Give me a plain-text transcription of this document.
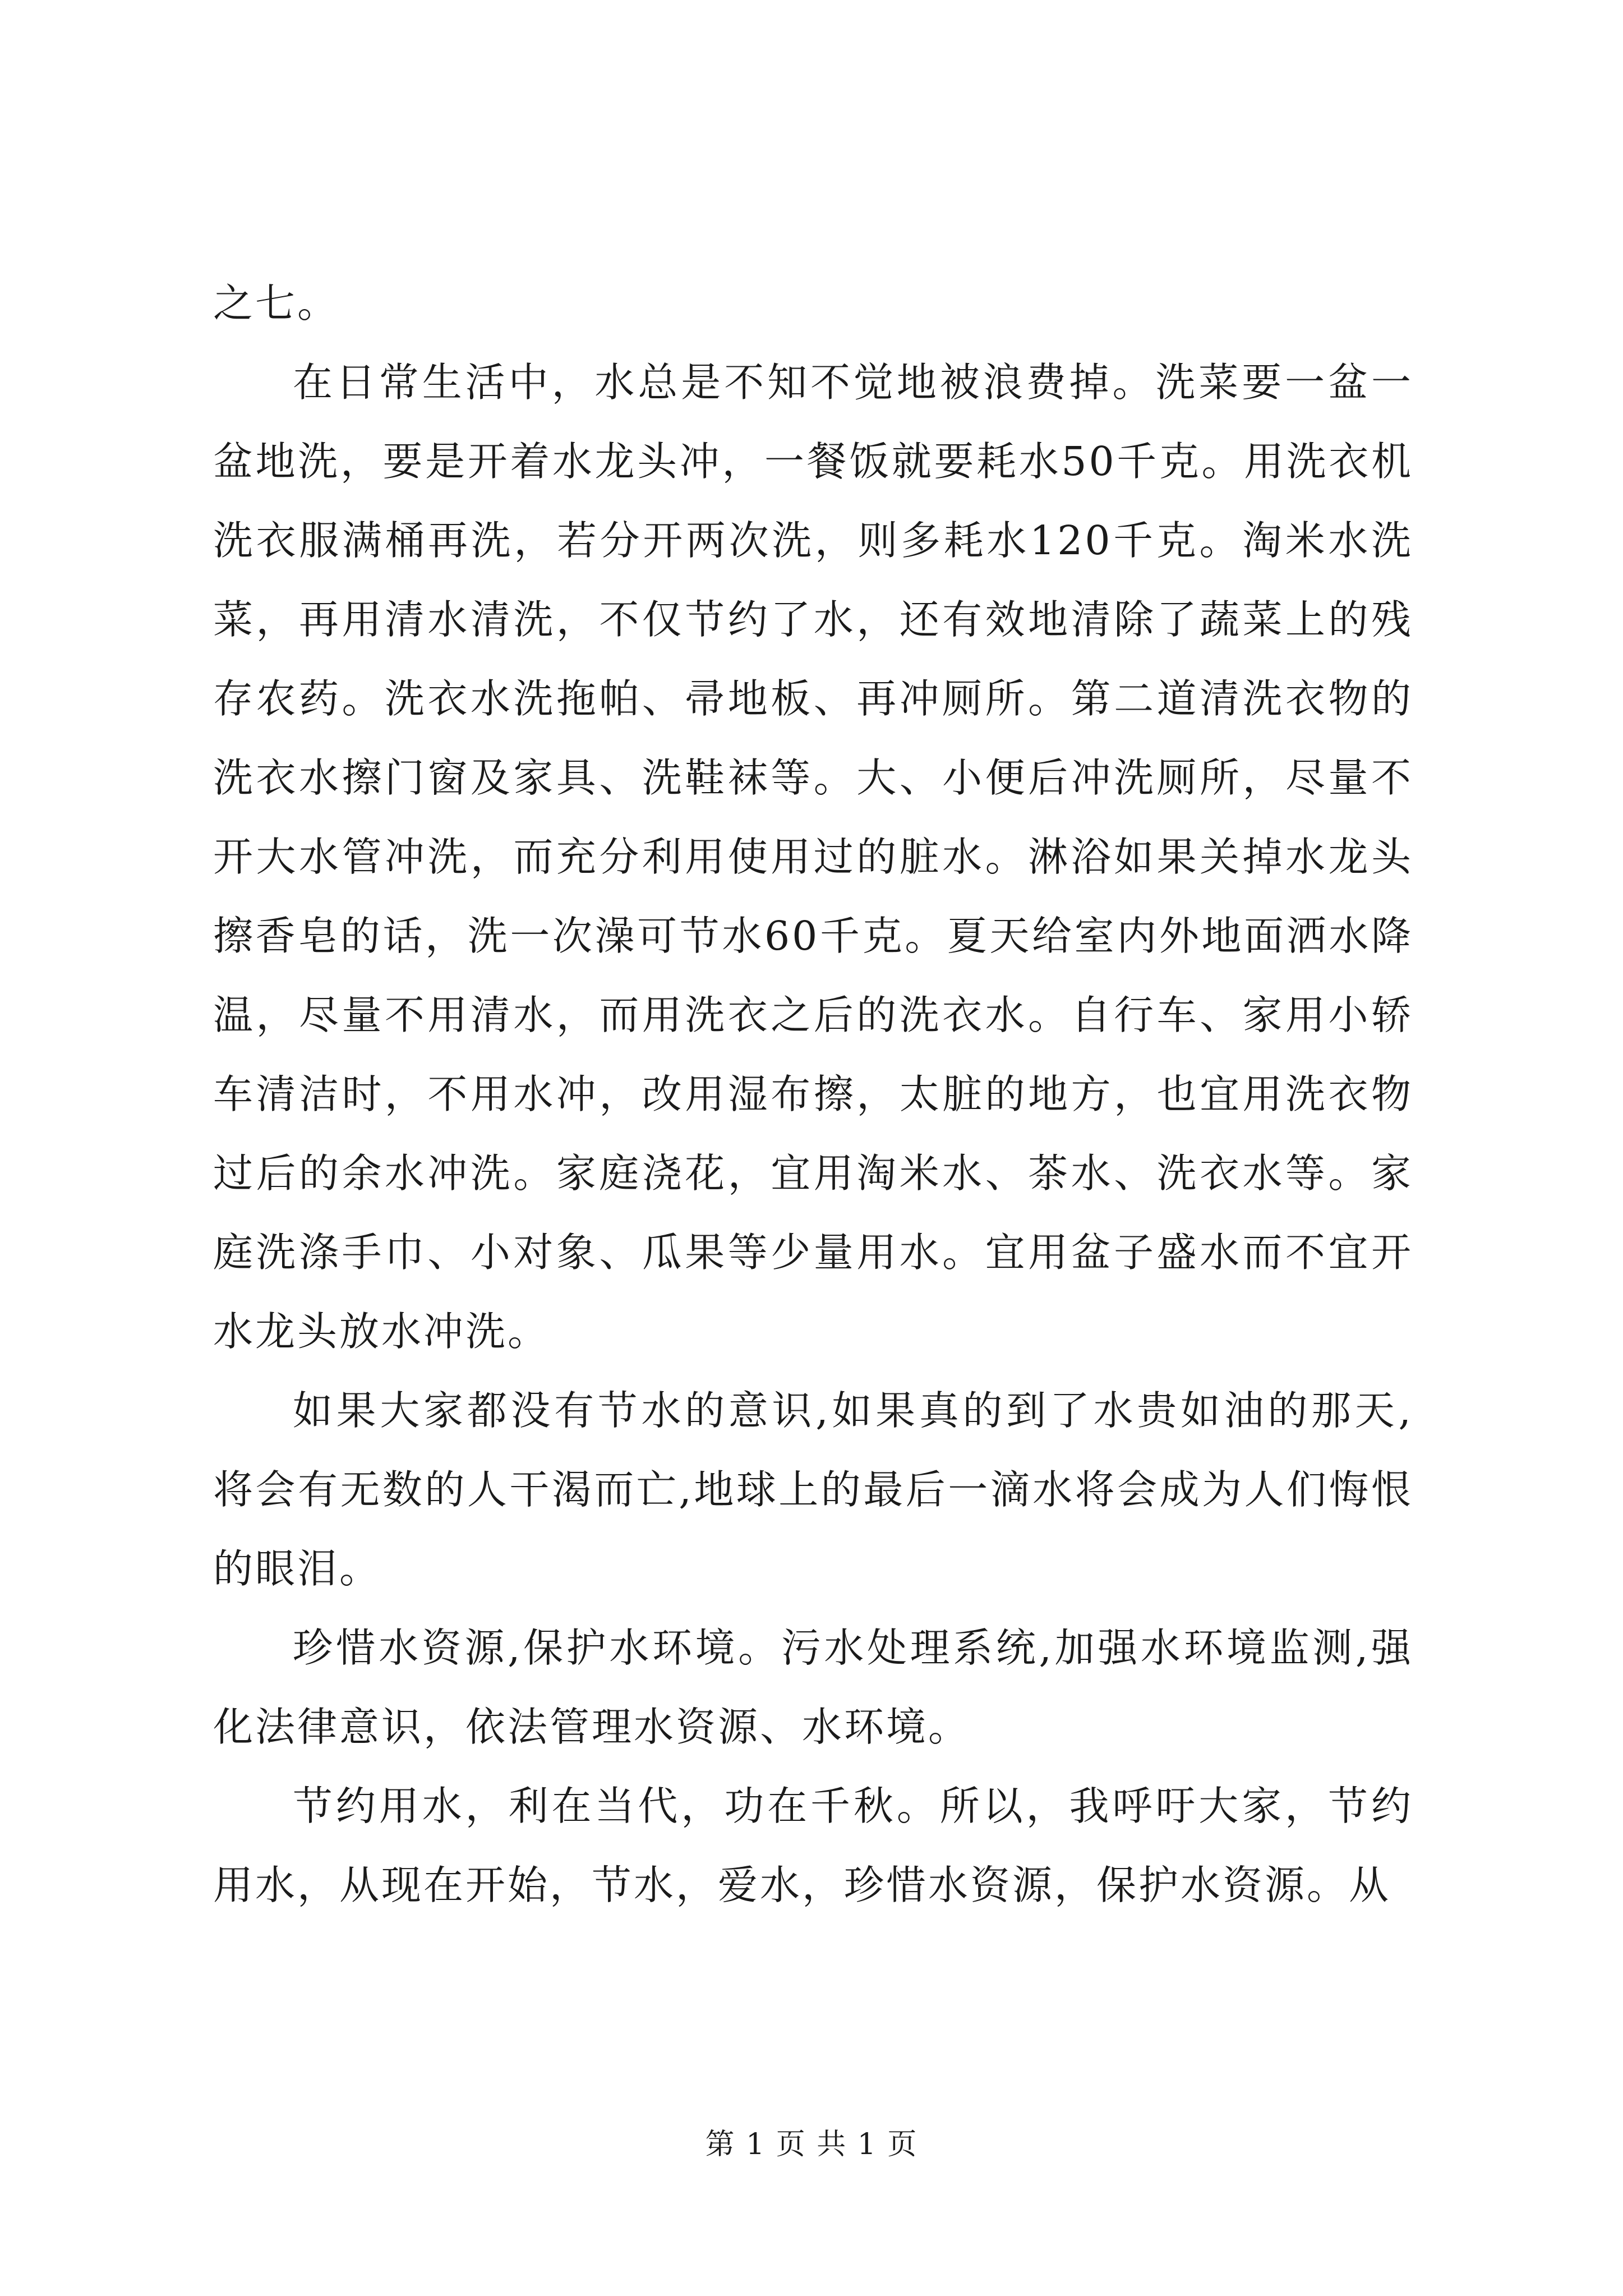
之七。

在日常生活中，水总是不知不觉地被浪费掉。洗菜要一盆一盆地洗，要是开着水龙头冲，一餐饭就要耗水50千克。用洗衣机洗衣服满桶再洗，若分开两次洗，则多耗水120千克。淘米水洗菜，再用清水清洗，不仅节约了水，还有效地清除了蔬菜上的残存农药。洗衣水洗拖帕、帚地板、再冲厕所。第二道清洗衣物的洗衣水擦门窗及家具、洗鞋袜等。大、小便后冲洗厕所，尽量不开大水管冲洗，而充分利用使用过的脏水。淋浴如果关掉水龙头擦香皂的话，洗一次澡可节水60千克。夏天给室内外地面洒水降温，尽量不用清水，而用洗衣之后的洗衣水。自行车、家用小轿车清洁时，不用水冲，改用湿布擦，太脏的地方，也宜用洗衣物过后的余水冲洗。家庭浇花，宜用淘米水、茶水、洗衣水等。家庭洗涤手巾、小对象、瓜果等少量用水。宜用盆子盛水而不宜开水龙头放水冲洗。

如果大家都没有节水的意识,如果真的到了水贵如油的那天,将会有无数的人干渴而亡,地球上的最后一滴水将会成为人们悔恨的眼泪。

珍惜水资源,保护水环境。污水处理系统,加强水环境监测,强化法律意识，依法管理水资源、水环境。

节约用水，利在当代，功在千秋。所以，我呼吁大家，节约用水，从现在开始，节水，爱水，珍惜水资源，保护水资源。从

第 1 页 共 1 页
